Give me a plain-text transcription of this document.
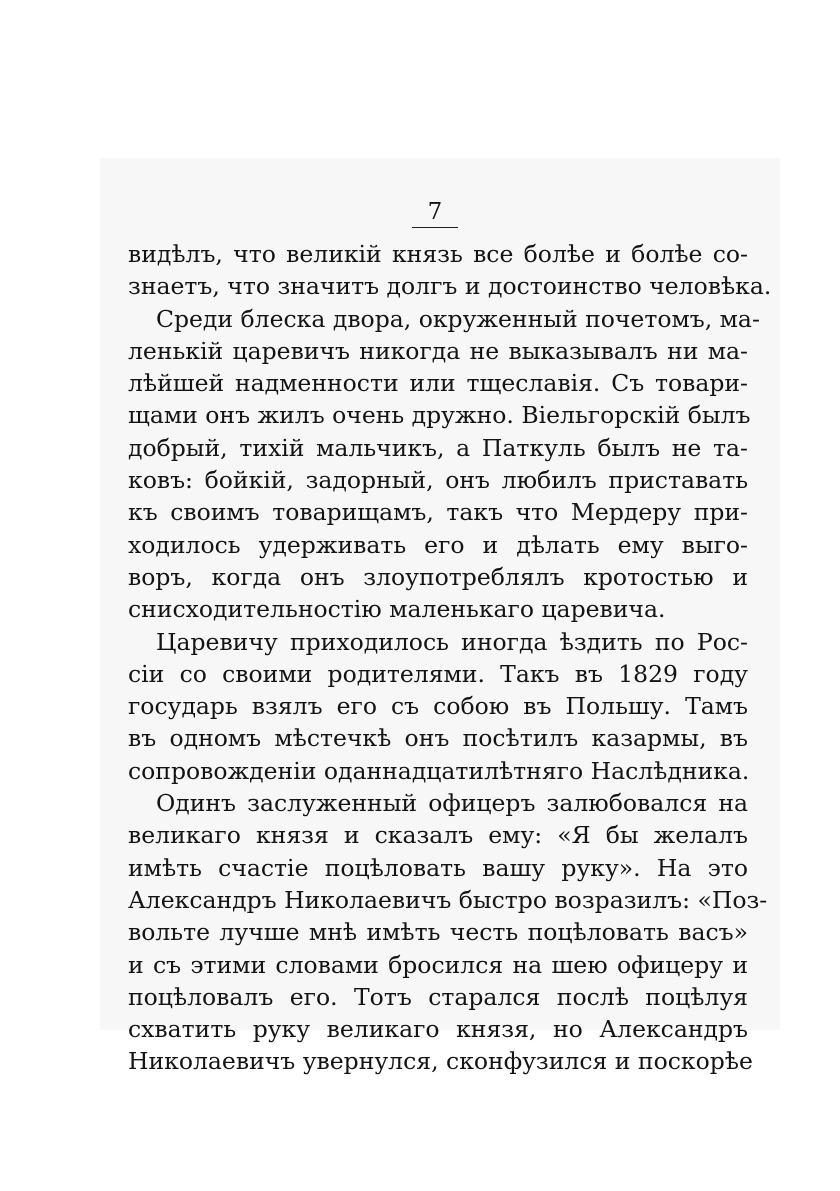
7
видѣлъ, что великій князь все болѣе и болѣе со-
знаетъ, что значитъ долгъ и достоинство человѣка.
Среди блеска двора, окруженный почетомъ, ма-
ленькій царевичъ никогда не выказывалъ ни ма-
лѣйшей надменности или тщеславія. Съ товари-
щами онъ жилъ очень дружно. Віельгорскій былъ
добрый, тихій мальчикъ, а Паткуль былъ не та-
ковъ: бойкій, задорный, онъ любилъ приставать
къ своимъ товарищамъ, такъ что Мердеру при-
ходилось удерживать его и дѣлать ему выго-
воръ, когда онъ злоупотреблялъ кротостью и
снисходительностію маленькаго царевича.
Царевичу приходилось иногда ѣздить по Рос-
сіи со своими родителями. Такъ въ 1829 году
государь взялъ его съ собою въ Польшу. Тамъ
въ одномъ мѣстечкѣ онъ посѣтилъ казармы, въ
сопровожденіи оданнадцатилѣтняго Наслѣдника.
Одинъ заслуженный офицеръ залюбовался на
великаго князя и сказалъ ему: «Я бы желалъ
имѣть счастіе поцѣловать вашу руку». На это
Александръ Николаевичъ быстро возразилъ: «Поз-
вольте лучше мнѣ имѣть честь поцѣловать васъ»
и съ этими словами бросился на шею офицеру и
поцѣловалъ его. Тотъ старался послѣ поцѣлуя
схватить руку великаго князя, но Александръ
Николаевичъ увернулся, сконфузился и поскорѣе
